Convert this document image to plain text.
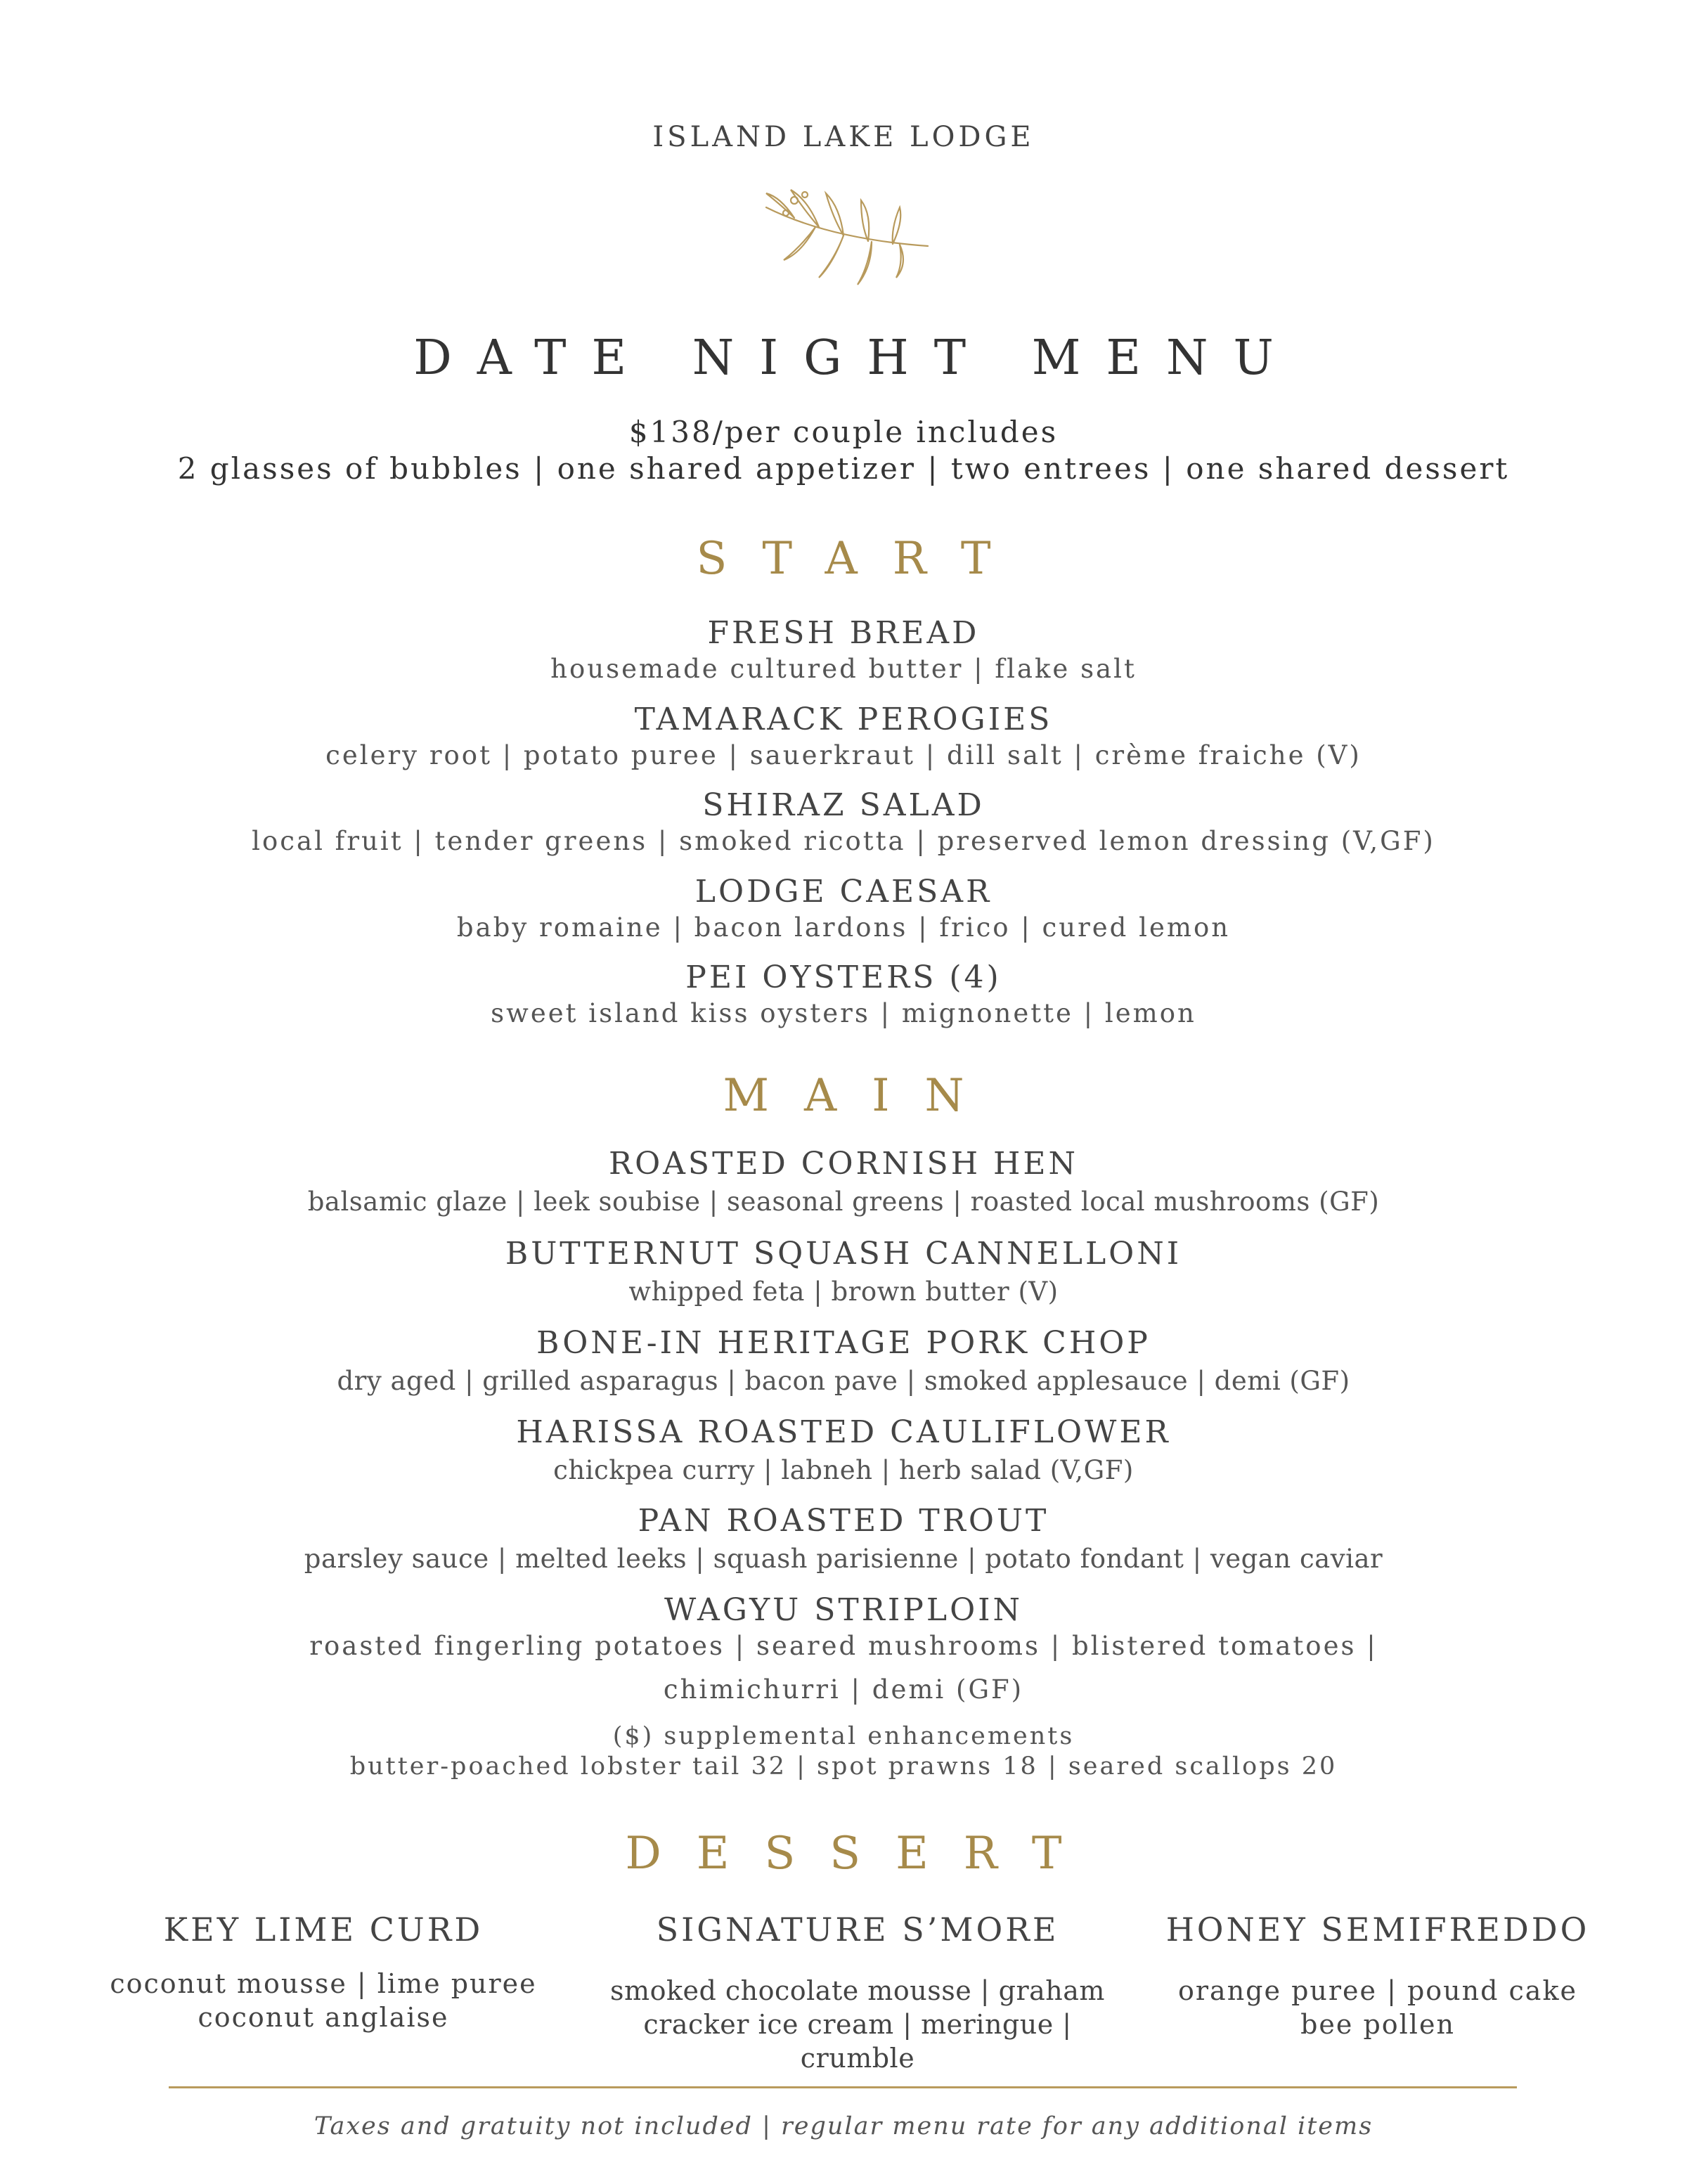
ISLAND LAKE LODGE
DATE NIGHT MENU
$138/per couple includes
2 glasses of bubbles | one shared appetizer | two entrees | one shared dessert
START
FRESH BREAD
housemade cultured butter | flake salt
TAMARACK PEROGIES
celery root | potato puree | sauerkraut | dill salt | crème fraiche (V)
SHIRAZ SALAD
local fruit | tender greens | smoked ricotta | preserved lemon dressing (V,GF)
LODGE CAESAR
baby romaine | bacon lardons | frico | cured lemon
PEI OYSTERS (4)
sweet island kiss oysters | mignonette | lemon
MAIN
ROASTED CORNISH HEN
balsamic glaze | leek soubise | seasonal greens | roasted local mushrooms (GF)
BUTTERNUT SQUASH CANNELLONI
whipped feta | brown butter (V)
BONE-IN HERITAGE PORK CHOP
dry aged | grilled asparagus | bacon pave | smoked applesauce | demi (GF)
HARISSA ROASTED CAULIFLOWER
chickpea curry | labneh | herb salad (V,GF)
PAN ROASTED TROUT
parsley sauce | melted leeks | squash parisienne | potato fondant | vegan caviar
WAGYU STRIPLOIN
roasted fingerling potatoes | seared mushrooms | blistered tomatoes |
chimichurri | demi (GF)
($) supplemental enhancements
butter-poached lobster tail 32 | spot prawns 18 | seared scallops 20
DESSERT
KEY LIME CURD
coconut mousse | lime puree
coconut anglaise
SIGNATURE S’MORE
smoked chocolate mousse | graham
cracker ice cream | meringue | crumble
HONEY SEMIFREDDO
orange puree | pound cake
bee pollen
Taxes and gratuity not included | regular menu rate for any additional items
